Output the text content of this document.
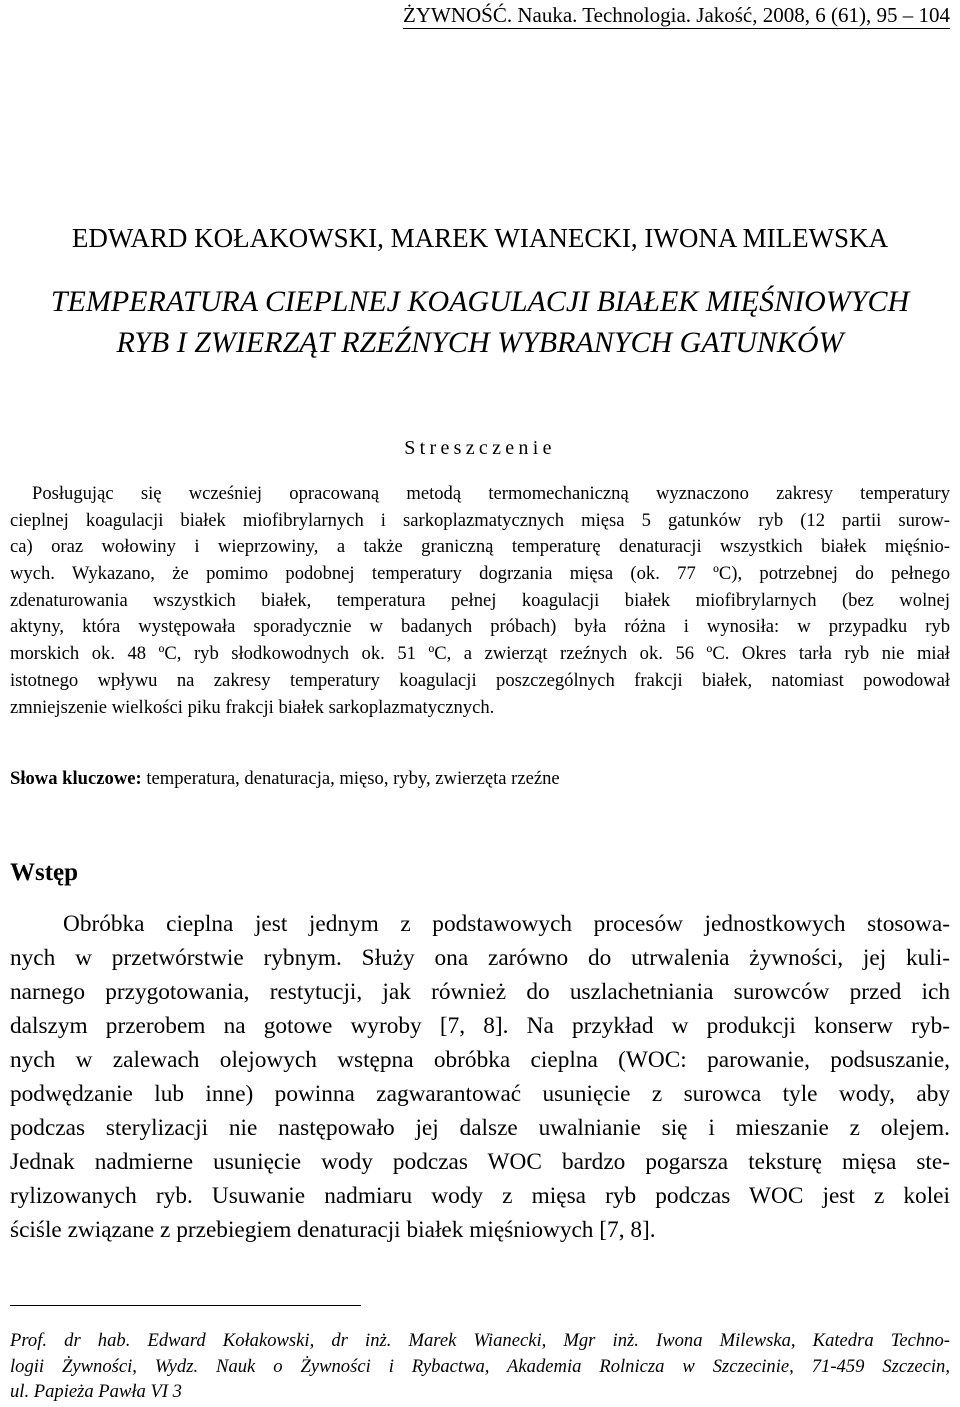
ŻYWNOŚĆ. Nauka. Technologia. Jakość, 2008, 6 (61), 95 – 104
EDWARD KOŁAKOWSKI, MAREK WIANECKI, IWONA MILEWSKA
TEMPERATURA CIEPLNEJ KOAGULACJI BIAŁEK MIĘŚNIOWYCH
RYB I ZWIERZĄT RZEŹNYCH WYBRANYCH GATUNKÓW
Streszczenie
Posługując się wcześniej opracowaną metodą termomechaniczną wyznaczono zakresy temperatury
cieplnej koagulacji białek miofibrylarnych i sarkoplazmatycznych mięsa 5 gatunków ryb (12 partii surow-
ca) oraz wołowiny i wieprzowiny, a także graniczną temperaturę denaturacji wszystkich białek mięśnio-
wych. Wykazano, że pomimo podobnej temperatury dogrzania mięsa (ok. 77 ºC), potrzebnej do pełnego
zdenaturowania wszystkich białek, temperatura pełnej koagulacji białek miofibrylarnych (bez wolnej
aktyny, która występowała sporadycznie w badanych próbach) była różna i wynosiła: w przypadku ryb
morskich ok. 48 ºC, ryb słodkowodnych ok. 51 ºC, a zwierząt rzeźnych ok. 56 ºC. Okres tarła ryb nie miał
istotnego wpływu na zakresy temperatury koagulacji poszczególnych frakcji białek, natomiast powodował
zmniejszenie wielkości piku frakcji białek sarkoplazmatycznych.
Słowa kluczowe: temperatura, denaturacja, mięso, ryby, zwierzęta rzeźne
Wstęp
Obróbka cieplna jest jednym z podstawowych procesów jednostkowych stosowa-
nych w przetwórstwie rybnym. Służy ona zarówno do utrwalenia żywności, jej kuli-
narnego przygotowania, restytucji, jak również do uszlachetniania surowców przed ich
dalszym przerobem na gotowe wyroby [7, 8]. Na przykład w produkcji konserw ryb-
nych w zalewach olejowych wstępna obróbka cieplna (WOC: parowanie, podsuszanie,
podwędzanie lub inne) powinna zagwarantować usunięcie z surowca tyle wody, aby
podczas sterylizacji nie następowało jej dalsze uwalnianie się i mieszanie z olejem.
Jednak nadmierne usunięcie wody podczas WOC bardzo pogarsza teksturę mięsa ste-
rylizowanych ryb. Usuwanie nadmiaru wody z mięsa ryb podczas WOC jest z kolei
ściśle związane z przebiegiem denaturacji białek mięśniowych [7, 8].
Prof. dr hab. Edward Kołakowski, dr inż. Marek Wianecki, Mgr inż. Iwona Milewska, Katedra Techno-
logii Żywności, Wydz. Nauk o Żywności i Rybactwa, Akademia Rolnicza w Szczecinie, 71-459 Szczecin,
ul. Papieża Pawła VI 3
